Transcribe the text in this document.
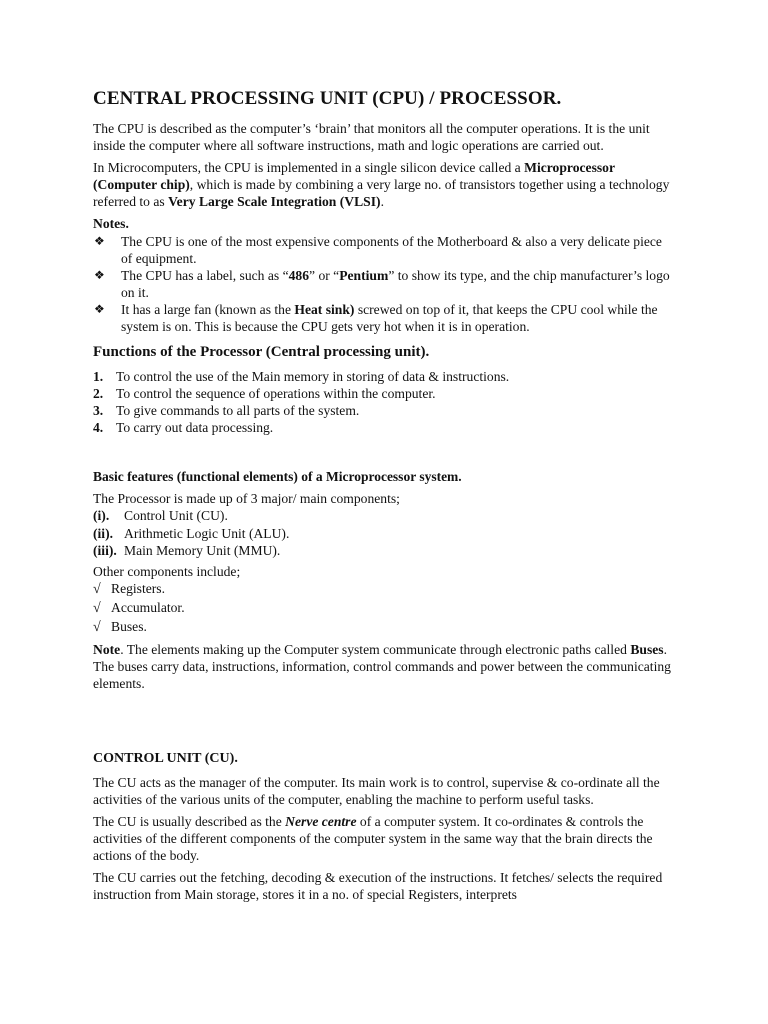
CENTRAL PROCESSING UNIT (CPU) / PROCESSOR.

The CPU is described as the computer’s ‘brain’ that monitors all the computer operations. It is the unit inside the computer where all software instructions, math and logic operations are carried out.

In Microcomputers, the CPU is implemented in a single silicon device called a Microprocessor (Computer chip), which is made by combining a very large no. of transistors together using a technology referred to as Very Large Scale Integration (VLSI).

Notes.
❖ The CPU is one of the most expensive components of the Motherboard & also a very delicate piece of equipment.
❖ The CPU has a label, such as “486” or “Pentium” to show its type, and the chip manufacturer’s logo on it.
❖ It has a large fan (known as the Heat sink) screwed on top of it, that keeps the CPU cool while the system is on. This is because the CPU gets very hot when it is in operation.
Functions of the Processor (Central processing unit).
1. To control the use of the Main memory in storing of data & instructions.
2. To control the sequence of operations within the computer.
3. To give commands to all parts of the system.
4. To carry out data processing.
Basic features (functional elements) of a Microprocessor system.

The Processor is made up of 3 major/ main components;

(i). Control Unit (CU).
(ii). Arithmetic Logic Unit (ALU).
(iii). Main Memory Unit (MMU).

Other components include;

√ Registers.
√ Accumulator.
√ Buses.

Note. The elements making up the Computer system communicate through electronic paths called Buses. The buses carry data, instructions, information, control commands and power between the communicating elements.

CONTROL UNIT (CU).

The CU acts as the manager of the computer. Its main work is to control, supervise & co-ordinate all the activities of the various units of the computer, enabling the machine to perform useful tasks.

The CU is usually described as the Nerve centre of a computer system. It co-ordinates & controls the activities of the different components of the computer system in the same way that the brain directs the actions of the body.

The CU carries out the fetching, decoding & execution of the instructions. It fetches/ selects the required instruction from Main storage, stores it in a no. of special Registers, interprets
